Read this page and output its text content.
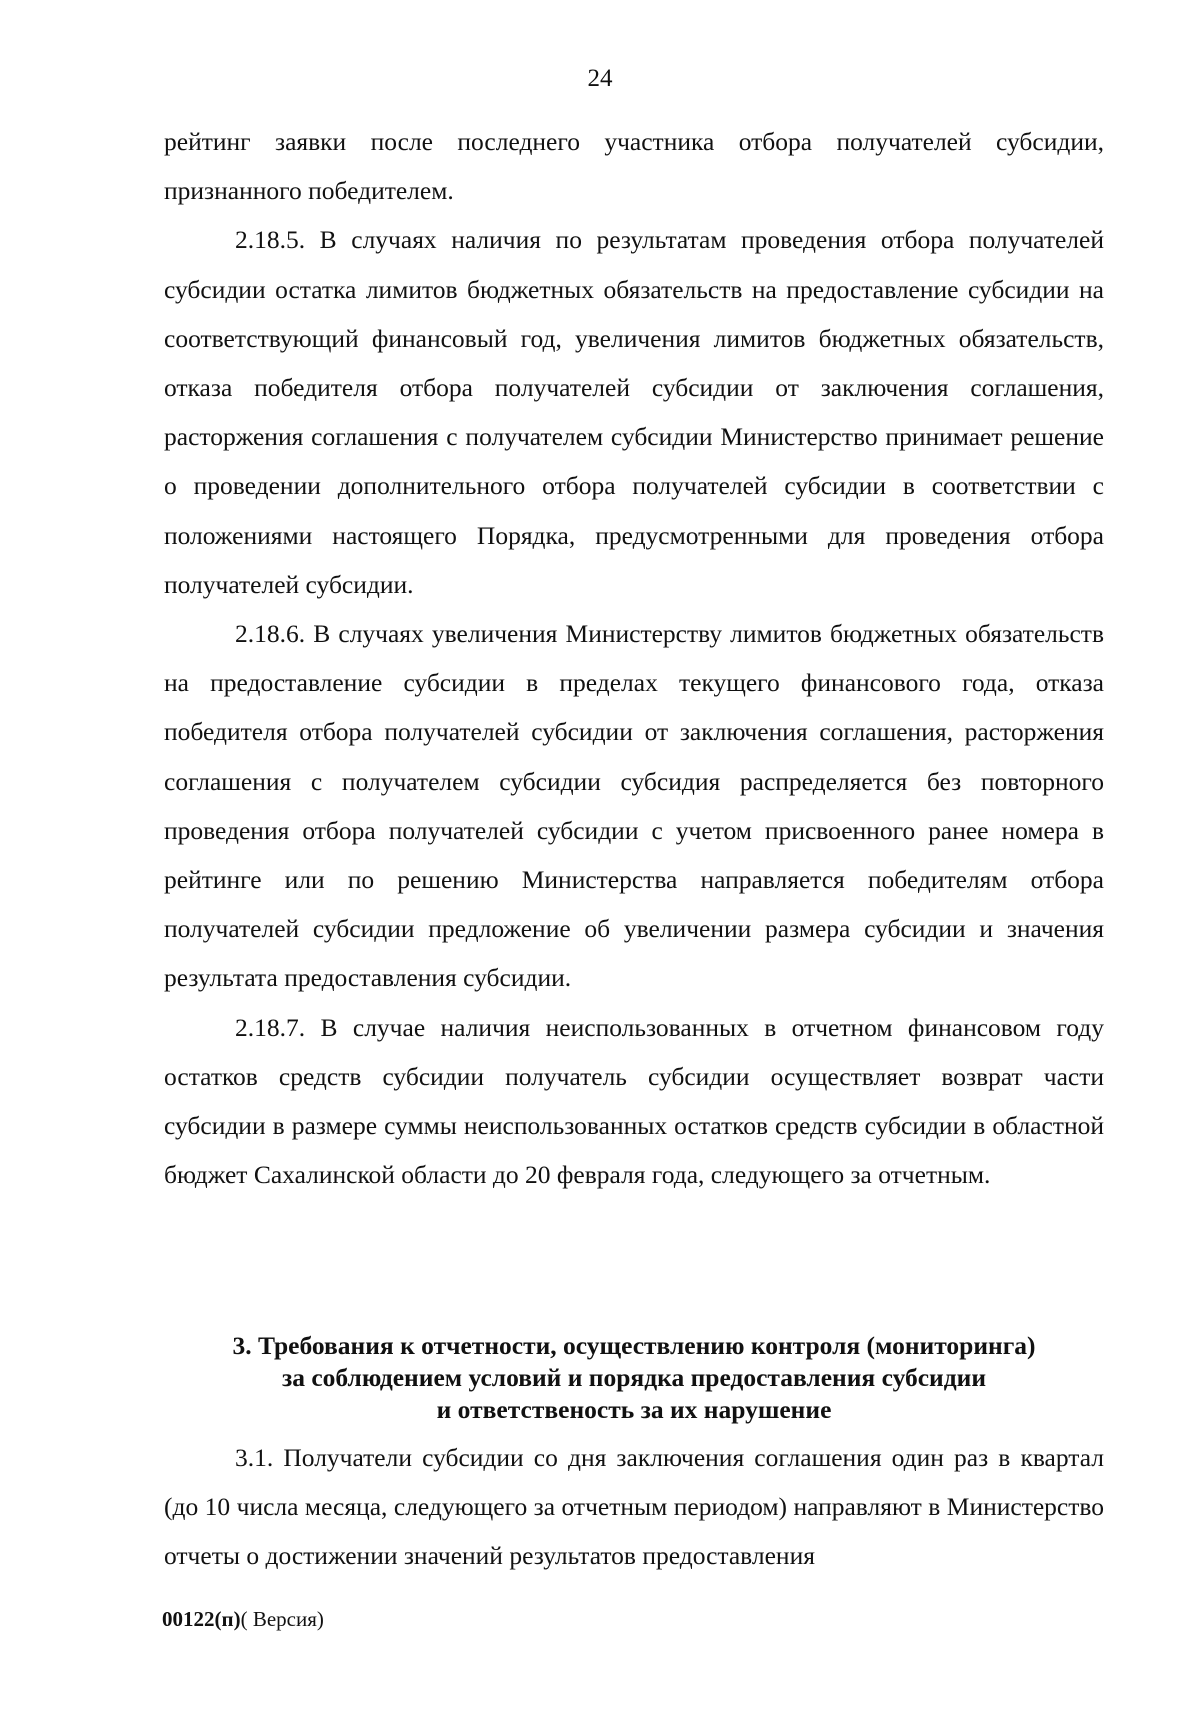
24

рейтинг заявки после последнего участника отбора получателей субсидии, признанного победителем.

2.18.5. В случаях наличия по результатам проведения отбора получателей субсидии остатка лимитов бюджетных обязательств на предоставление субсидии на соответствующий финансовый год, увеличения лимитов бюджетных обязательств, отказа победителя отбора получателей субсидии от заключения соглашения, расторжения соглашения с получателем субсидии Министерство принимает решение о проведении дополнительного отбора получателей субсидии в соответствии с положениями настоящего Порядка, предусмотренными для проведения отбора получателей субсидии.

2.18.6. В случаях увеличения Министерству лимитов бюджетных обязательств на предоставление субсидии в пределах текущего финансового года, отказа победителя отбора получателей субсидии от заключения соглашения, расторжения соглашения с получателем субсидии субсидия распределяется без повторного проведения отбора получателей субсидии с учетом присвоенного ранее номера в рейтинге или по решению Министерства направляется победителям отбора получателей субсидии предложение об увеличении размера субсидии и значения результата предоставления субсидии.

2.18.7. В случае наличия неиспользованных в отчетном финансовом году остатков средств субсидии получатель субсидии осуществляет возврат части субсидии в размере суммы неиспользованных остатков средств субсидии в областной бюджет Сахалинской области до 20 февраля года, следующего за отчетным.

3. Требования к отчетности, осуществлению контроля (мониторинга)
за соблюдением условий и порядка предоставления субсидии
и ответственость за их нарушение

3.1. Получатели субсидии со дня заключения соглашения один раз в квартал (до 10 числа месяца, следующего за отчетным периодом) направляют в Министерство отчеты о достижении значений результатов предоставления

00122(п)( Версия)
